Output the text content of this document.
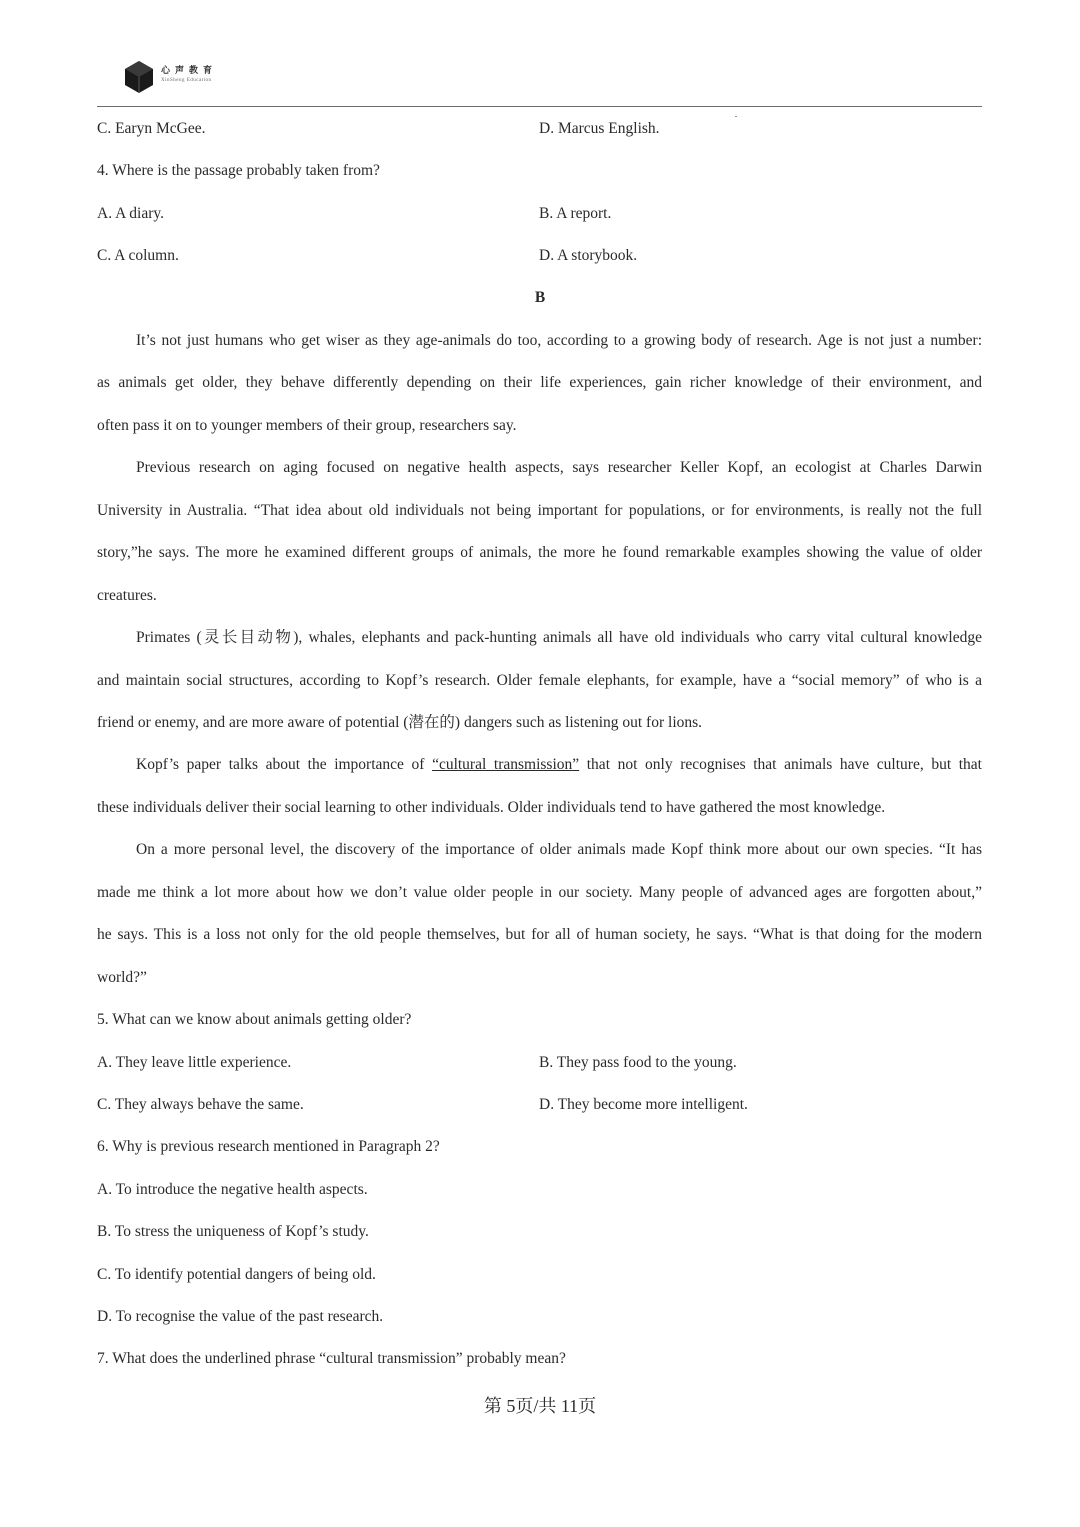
心声教育
XinSheng Education
C. Earyn McGee.	D. Marcus English.
4. Where is the passage probably taken from?
A. A diary.	B. A report.
C. A column.	D. A storybook.
B
It’s not just humans who get wiser as they age-animals do too, according to a growing body of research. Age is not just a number:
as animals get older, they behave differently depending on their life experiences, gain richer knowledge of their environment, and
often pass it on to younger members of their group, researchers say.
Previous research on aging focused on negative health aspects, says researcher Keller Kopf, an ecologist at Charles Darwin
University in Australia. “That idea about old individuals not being important for populations, or for environments, is really not the full
story,”he says. The more he examined different groups of animals, the more he found remarkable examples showing the value of older
creatures.
Primates (灵长目动物), whales, elephants and pack-hunting animals all have old individuals who carry vital cultural knowledge
and maintain social structures, according to Kopf’s research. Older female elephants, for example, have a “social memory” of who is a
friend or enemy, and are more aware of potential (潜在的) dangers such as listening out for lions.
Kopf’s paper talks about the importance of “cultural transmission” that not only recognises that animals have culture, but that
these individuals deliver their social learning to other individuals. Older individuals tend to have gathered the most knowledge.
On a more personal level, the discovery of the importance of older animals made Kopf think more about our own species. “It has
made me think a lot more about how we don’t value older people in our society. Many people of advanced ages are forgotten about,”
he says. This is a loss not only for the old people themselves, but for all of human society, he says. “What is that doing for the modern
world?”
5. What can we know about animals getting older?
A. They leave little experience.	B. They pass food to the young.
C. They always behave the same.	D. They become more intelligent.
6. Why is previous research mentioned in Paragraph 2?
A. To introduce the negative health aspects.
B. To stress the uniqueness of Kopf’s study.
C. To identify potential dangers of being old.
D. To recognise the value of the past research.
7. What does the underlined phrase “cultural transmission” probably mean?
第 5页/共 11页
